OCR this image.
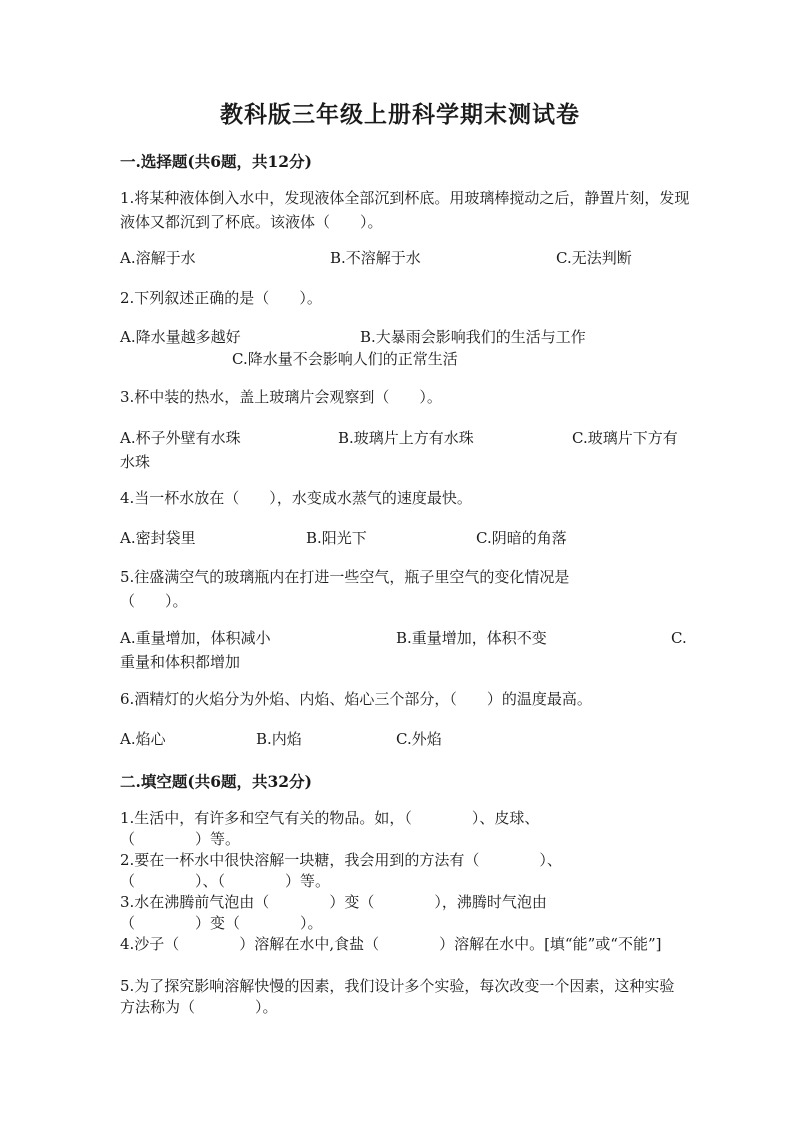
教科版三年级上册科学期末测试卷
一.选择题(共6题，共12分)
1.将某种液体倒入水中，发现液体全部沉到杯底。用玻璃棒搅动之后，静置片刻，发现液体又都沉到了杯底。该液体（　　）。
A.溶解于水	B.不溶解于水	C.无法判断
2.下列叙述正确的是（　　）。
A.降水量越多越好	B.大暴雨会影响我们的生活与工作
C.降水量不会影响人们的正常生活
3.杯中装的热水，盖上玻璃片会观察到（　　）。
A.杯子外壁有水珠	B.玻璃片上方有水珠	C.玻璃片下方有水珠
4.当一杯水放在（　　），水变成水蒸气的速度最快。
A.密封袋里	B.阳光下	C.阴暗的角落
5.往盛满空气的玻璃瓶内在打进一些空气，瓶子里空气的变化情况是（　　）。
A.重量增加，体积减小	B.重量增加，体积不变	C.重量和体积都增加
6.酒精灯的火焰分为外焰、内焰、焰心三个部分，（　　）的温度最高。
A.焰心	B.内焰	C.外焰
二.填空题(共6题，共32分)
1.生活中，有许多和空气有关的物品。如，（　　　　）、皮球、（　　　　）等。
2.要在一杯水中很快溶解一块糖，我会用到的方法有（　　　　）、（　　　　）、（　　　　）等。
3.水在沸腾前气泡由（　　　　）变（　　　　），沸腾时气泡由（　　　　）变（　　　　）。
4.沙子（　　　　）溶解在水中,食盐（　　　　）溶解在水中。[填“能”或“不能”]
5.为了探究影响溶解快慢的因素，我们设计多个实验，每次改变一个因素，这种实验方法称为（　　　　）。
